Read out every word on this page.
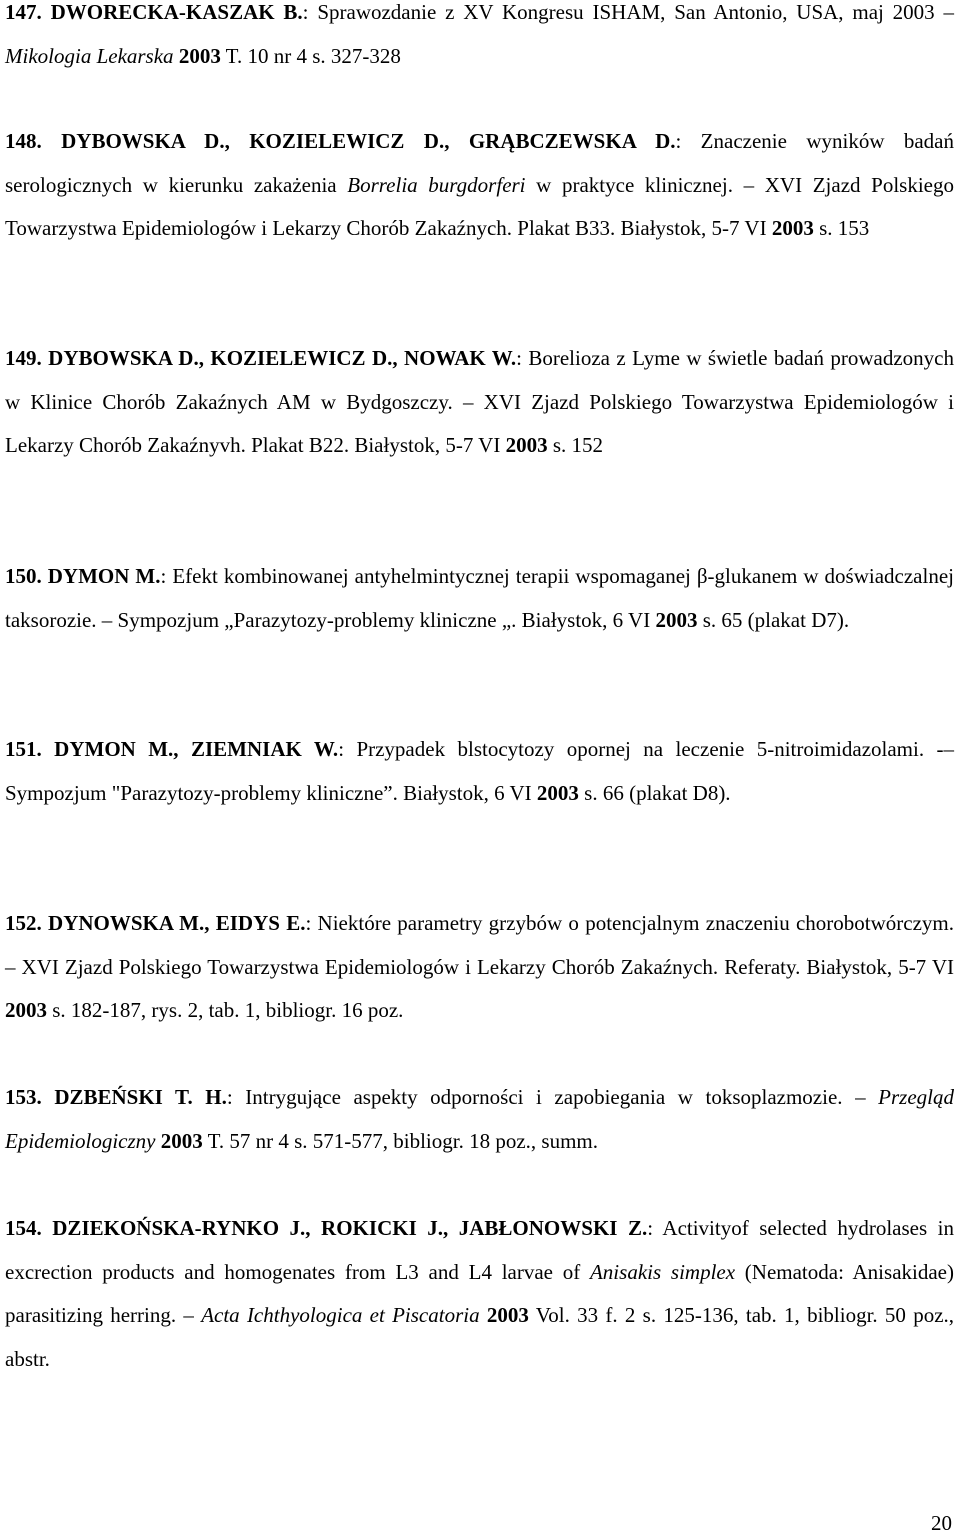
147. DWORECKA-KASZAK B.: Sprawozdanie z XV Kongresu ISHAM, San Antonio, USA, maj 2003 – Mikologia Lekarska 2003 T. 10 nr 4 s. 327-328

148. DYBOWSKA D., KOZIELEWICZ D., GRĄBCZEWSKA D.: Znaczenie wyników badań serologicznych w kierunku zakażenia Borrelia burgdorferi w praktyce klinicznej. – XVI Zjazd Polskiego Towarzystwa Epidemiologów i Lekarzy Chorób Zakaźnych. Plakat B33. Białystok, 5-7 VI 2003 s. 153

149. DYBOWSKA D., KOZIELEWICZ D., NOWAK W.: Borelioza z Lyme w świetle badań prowadzonych w Klinice Chorób Zakaźnych AM w Bydgoszczy. – XVI Zjazd Polskiego Towarzystwa Epidemiologów i Lekarzy Chorób Zakaźnyvh. Plakat B22. Białystok, 5-7 VI 2003 s. 152

150. DYMON M.: Efekt kombinowanej antyhelmintycznej terapii wspomaganej β-glukanem w doświadczalnej taksorozie. – Sympozjum „Parazytozy-problemy kliniczne „. Białystok, 6 VI 2003 s. 65 (plakat D7).

151. DYMON M., ZIEMNIAK W.: Przypadek blstocytozy opornej na leczenie 5-nitroimidazolami. -–Sympozjum "Parazytozy-problemy kliniczne”. Białystok, 6 VI 2003 s. 66 (plakat D8).

152. DYNOWSKA M., EIDYS E.: Niektóre parametry grzybów o potencjalnym znaczeniu chorobotwórczym. – XVI Zjazd Polskiego Towarzystwa Epidemiologów i Lekarzy Chorób Zakaźnych. Referaty. Białystok, 5-7 VI 2003 s. 182-187, rys. 2, tab. 1, bibliogr. 16 poz.

153. DZBEŃSKI T. H.: Intrygujące aspekty odporności i zapobiegania w toksoplazmozie. – Przegląd Epidemiologiczny 2003 T. 57 nr 4 s. 571-577, bibliogr. 18 poz., summ.

154. DZIEKOŃSKA-RYNKO J., ROKICKI J., JABŁONOWSKI Z.: Activityof selected hydrolases in excrection products and homogenates from L3 and L4 larvae of Anisakis simplex (Nematoda: Anisakidae) parasitizing herring. – Acta Ichthyologica et Piscatoria 2003 Vol. 33 f. 2 s. 125-136, tab. 1, bibliogr. 50 poz., abstr.

20
